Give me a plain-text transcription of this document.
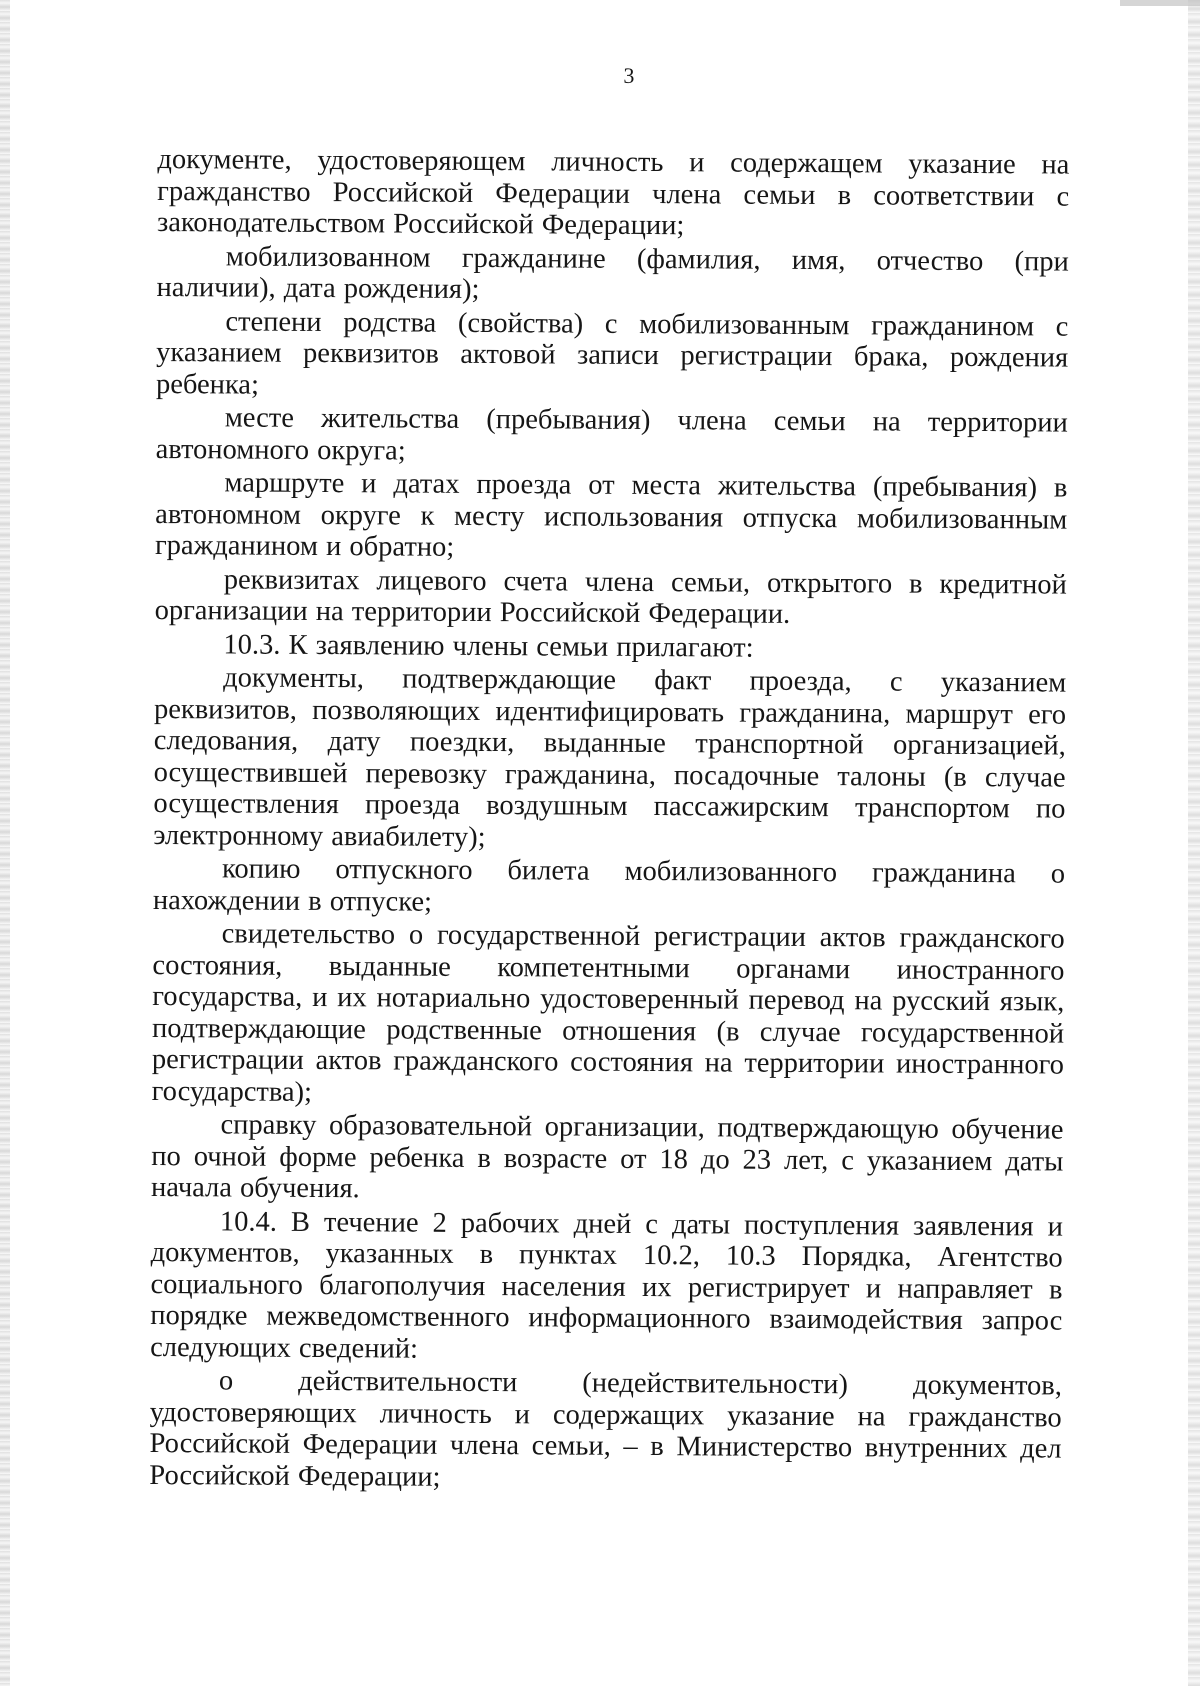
3

документе, удостоверяющем личность и содержащем указание на гражданство Российской Федерации члена семьи в соответствии с законодательством Российской Федерации;

мобилизованном гражданине (фамилия, имя, отчество (при наличии), дата рождения);

степени родства (свойства) с мобилизованным гражданином с указанием реквизитов актовой записи регистрации брака, рождения ребенка;

месте жительства (пребывания) члена семьи на территории автономного округа;

маршруте и датах проезда от места жительства (пребывания) в автономном округе к месту использования отпуска мобилизованным гражданином и обратно;

реквизитах лицевого счета члена семьи, открытого в кредитной организации на территории Российской Федерации.

10.3. К заявлению члены семьи прилагают:

документы, подтверждающие факт проезда, с указанием реквизитов, позволяющих идентифицировать гражданина, маршрут его следования, дату поездки, выданные транспортной организацией, осуществившей перевозку гражданина, посадочные талоны (в случае осуществления проезда воздушным пассажирским транспортом по электронному авиабилету);

копию отпускного билета мобилизованного гражданина о нахождении в отпуске;

свидетельство о государственной регистрации актов гражданского состояния, выданные компетентными органами иностранного государства, и их нотариально удостоверенный перевод на русский язык, подтверждающие родственные отношения (в случае государственной регистрации актов гражданского состояния на территории иностранного государства);

справку образовательной организации, подтверждающую обучение по очной форме ребенка в возрасте от 18 до 23 лет, с указанием даты начала обучения.

10.4. В течение 2 рабочих дней с даты поступления заявления и документов, указанных в пунктах 10.2, 10.3 Порядка, Агентство социального благополучия населения их регистрирует и направляет в порядке межведомственного информационного взаимодействия запрос следующих сведений:

о действительности (недействительности) документов, удостоверяющих личность и содержащих указание на гражданство Российской Федерации члена семьи, – в Министерство внутренних дел Российской Федерации;
